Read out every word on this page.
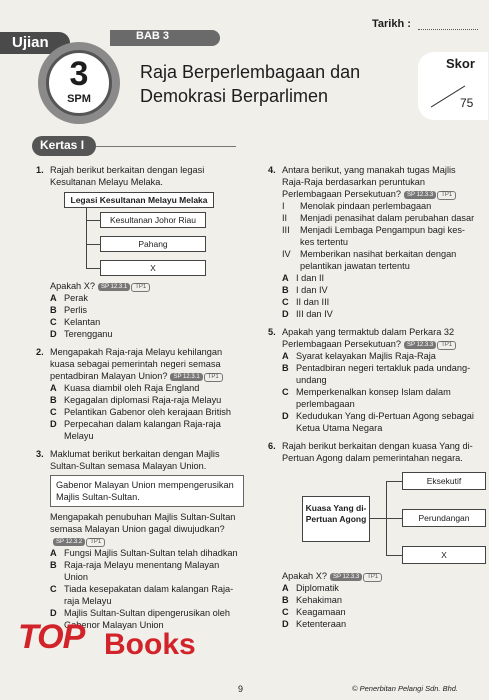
Tarikh :
Ujian	BAB 3
3
SPM
Raja Berperlembagaan dan
Demokrasi Berparlimen
Skor
75
Kertas I
1. Rajah berikut berkaitan dengan legasi Kesultanan Melayu Melaka.
Legasi Kesultanan Melayu Melaka
Kesultanan Johor Riau
Pahang
X
Apakah X? SP 12.3.1 TP1
A Perak
B Perlis
C Kelantan
D Terengganu
2. Mengapakah Raja-raja Melayu kehilangan kuasa sebagai pemerintah negeri semasa pentadbiran Malayan Union? SP 12.3.1 TP1
A Kuasa diambil oleh Raja England
B Kegagalan diplomasi Raja-raja Melayu
C Pelantikan Gabenor oleh kerajaan British
D Perpecahan dalam kalangan Raja-raja Melayu
3. Maklumat berikut berkaitan dengan Majlis Sultan-Sultan semasa Malayan Union.
Gabenor Malayan Union mempengerusikan Majlis Sultan-Sultan.
Mengapakah penubuhan Majlis Sultan-Sultan semasa Malayan Union gagal diwujudkan?SP 12.3.2 TP1
A Fungsi Majlis Sultan-Sultan telah dihadkan
B Raja-raja Melayu menentang Malayan Union
C Tiada kesepakatan dalam kalangan Raja-raja Melayu
D Majlis Sultan-Sultan dipengerusikan oleh Gabenor Malayan Union
4. Antara berikut, yang manakah tugas Majlis Raja-Raja berdasarkan peruntukan Perlembagaan Persekutuan? SP 12.3.3 TP1
I Menolak pindaan perlembagaan
II Menjadi penasihat dalam perubahan dasar
III Menjadi Lembaga Pengampun bagi kes-kes tertentu
IV Memberikan nasihat berkaitan dengan pelantikan jawatan tertentu
A I dan II
B I dan IV
C II dan III
D III dan IV
5. Apakah yang termaktub dalam Perkara 32 Perlembagaan Persekutuan? SP 12.3.3 TP1
A Syarat kelayakan Majlis Raja-Raja
B Pentadbiran negeri tertakluk pada undang-undang
C Memperkenalkan konsep Islam dalam perlembagaan
D Kedudukan Yang di-Pertuan Agong sebagai Ketua Utama Negara
6. Rajah berikut berkaitan dengan kuasa Yang di-Pertuan Agong dalam pemerintahan negara.
Kuasa Yang di-Pertuan Agong
Eksekutif
Perundangan
X
Apakah X? SP 12.3.3 TP1
A Diplomatik
B Kehakiman
C Keagamaan
D Ketenteraan
TOP Books
9	© Penerbitan Pelangi Sdn. Bhd.
